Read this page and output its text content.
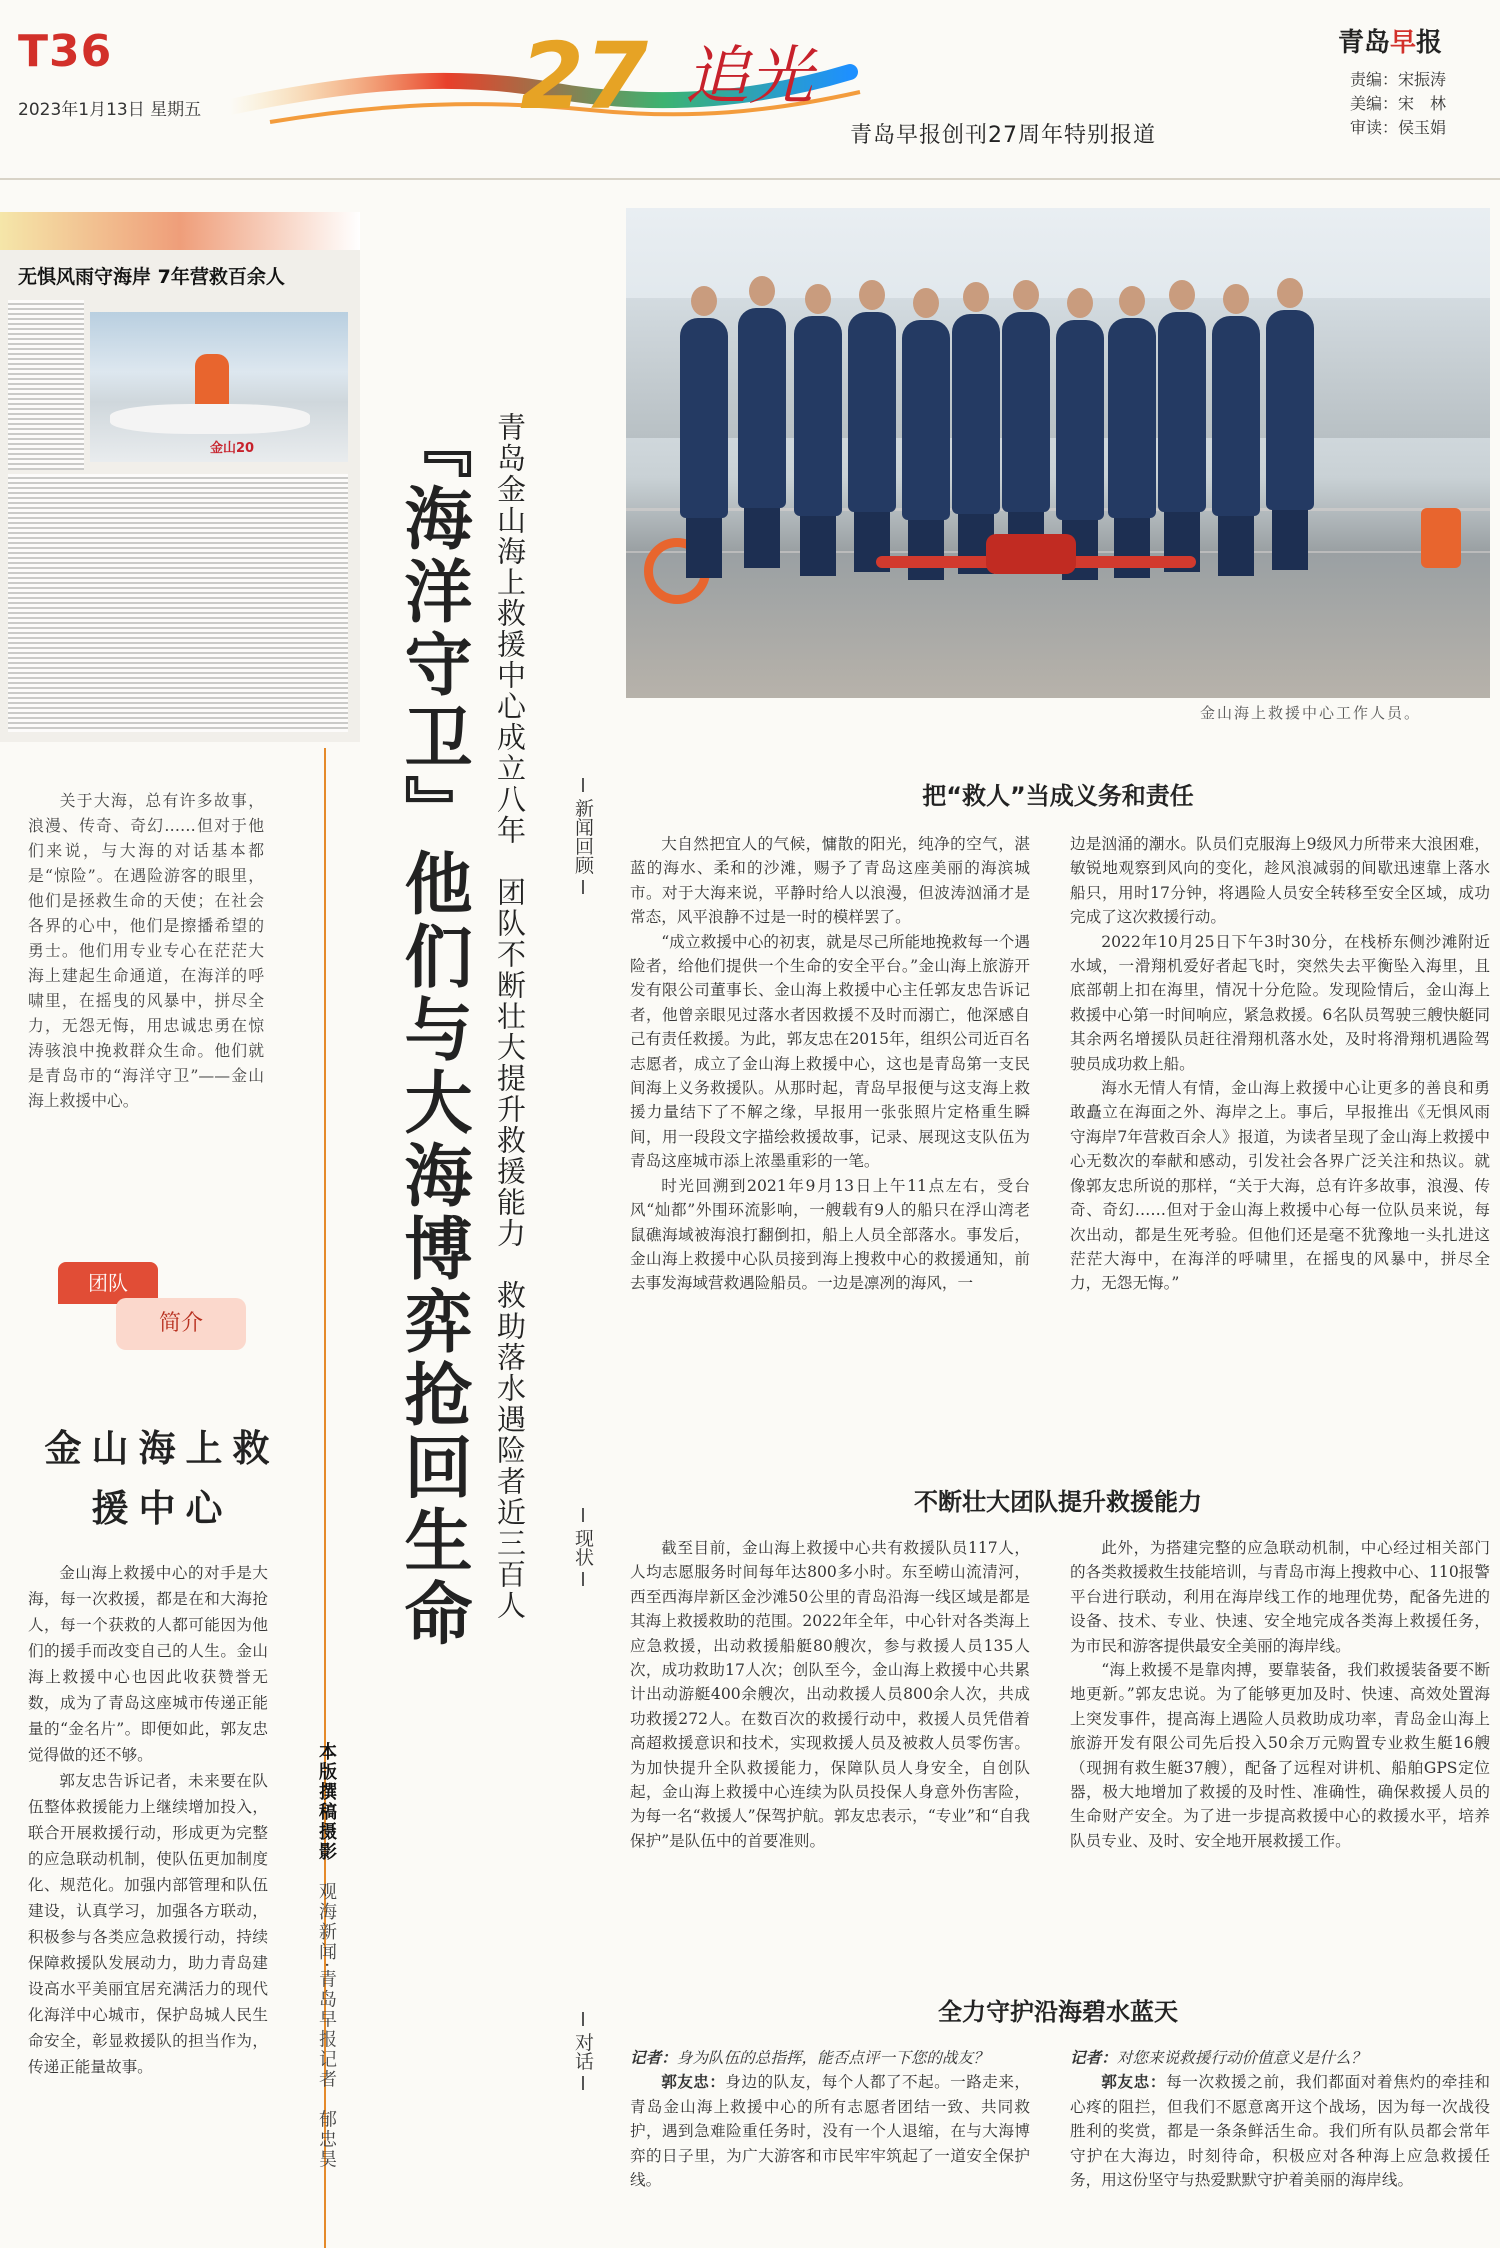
T36
2023年1月13日 星期五	27 追光
青岛早报创刊27周年特别报道
青岛早报
责编：宋振涛
美编：宋　林
审读：侯玉娟
无惧风雨守海岸 7年营救百余人
金山20
关于大海，总有许多故事，浪漫、传奇、奇幻……但对于他们来说，与大海的对话基本都是“惊险”。在遇险游客的眼里，他们是拯救生命的天使；在社会各界的心中，他们是擦播希望的勇士。他们用专业专心在茫茫大海上建起生命通道，在海洋的呼啸里，在摇曳的风暴中，拼尽全力，无怨无悔，用忠诚忠勇在惊涛骇浪中挽救群众生命。他们就是青岛市的“海洋守卫”——金山海上救援中心。
团队
简介
金山海上救援中心

金山海上救援中心的对手是大海，每一次救援，都是在和大海抢人，每一个获救的人都可能因为他们的援手而改变自己的人生。金山海上救援中心也因此收获赞誉无数，成为了青岛这座城市传递正能量的“金名片”。即便如此，郭友忠觉得做的还不够。

郭友忠告诉记者，未来要在队伍整体救援能力上继续增加投入，联合开展救援行动，形成更为完整的应急联动机制，使队伍更加制度化、规范化。加强内部管理和队伍建设，认真学习，加强各方联动，积极参与各类应急救援行动，持续保障救援队发展动力，助力青岛建设高水平美丽宜居充满活力的现代化海洋中心城市，保护岛城人民生命安全，彰显救援队的担当作为，传递正能量故事。

『海洋守卫』他们与大海博弈抢回生命 青岛金山海上救援中心成立八年　团队不断壮大提升救援能力　救助落水遇险者近三百人
本版撰稿摄影　观海新闻·青岛早报记者　郁忠昊
金山海上救援中心工作人员。
新闻回顾
把“救人”当成义务和责任

大自然把宜人的气候，慵散的阳光，纯净的空气，湛蓝的海水、柔和的沙滩，赐予了青岛这座美丽的海滨城市。对于大海来说，平静时给人以浪漫，但波涛汹涌才是常态，风平浪静不过是一时的模样罢了。

“成立救援中心的初衷，就是尽己所能地挽救每一个遇险者，给他们提供一个生命的安全平台。”金山海上旅游开发有限公司董事长、金山海上救援中心主任郭友忠告诉记者，他曾亲眼见过落水者因救援不及时而溺亡，他深感自己有责任救援。为此，郭友忠在2015年，组织公司近百名志愿者，成立了金山海上救援中心，这也是青岛第一支民间海上义务救援队。从那时起，青岛早报便与这支海上救援力量结下了不解之缘，早报用一张张照片定格重生瞬间，用一段段文字描绘救援故事，记录、展现这支队伍为青岛这座城市添上浓墨重彩的一笔。

时光回溯到2021年9月13日上午11点左右，受台风“灿都”外围环流影响，一艘载有9人的船只在浮山湾老鼠礁海域被海浪打翻倒扣，船上人员全部落水。事发后，金山海上救援中心队员接到海上搜救中心的救援通知，前去事发海域营救遇险船员。一边是凛冽的海风，一

边是汹涌的潮水。队员们克服海上9级风力所带来大浪困难，敏锐地观察到风向的变化，趁风浪减弱的间歇迅速靠上落水船只，用时17分钟，将遇险人员安全转移至安全区域，成功完成了这次救援行动。

2022年10月25日下午3时30分，在栈桥东侧沙滩附近水域，一滑翔机爱好者起飞时，突然失去平衡坠入海里，且底部朝上扣在海里，情况十分危险。发现险情后，金山海上救援中心第一时间响应，紧急救援。6名队员驾驶三艘快艇同其余两名增援队员赶往滑翔机落水处，及时将滑翔机遇险驾驶员成功救上船。

海水无情人有情，金山海上救援中心让更多的善良和勇敢矗立在海面之外、海岸之上。事后，早报推出《无惧风雨守海岸7年营救百余人》报道，为读者呈现了金山海上救援中心无数次的奉献和感动，引发社会各界广泛关注和热议。就像郭友忠所说的那样，“关于大海，总有许多故事，浪漫、传奇、奇幻……但对于金山海上救援中心每一位队员来说，每次出动，都是生死考验。但他们还是毫不犹豫地一头扎进这茫茫大海中，在海洋的呼啸里，在摇曳的风暴中，拼尽全力，无怨无悔。”

现状
不断壮大团队提升救援能力

截至目前，金山海上救援中心共有救援队员117人，人均志愿服务时间每年达800多小时。东至崂山流清河，西至西海岸新区金沙滩50公里的青岛沿海一线区域是都是其海上救援救助的范围。2022年全年，中心针对各类海上应急救援，出动救援船艇80艘次，参与救援人员135人次，成功救助17人次；创队至今，金山海上救援中心共累计出动游艇400余艘次，出动救援人员800余人次，共成功救援272人。在数百次的救援行动中，救援人员凭借着高超救援意识和技术，实现救援人员及被救人员零伤害。为加快提升全队救援能力，保障队员人身安全，自创队起，金山海上救援中心连续为队员投保人身意外伤害险，为每一名“救援人”保驾护航。郭友忠表示，“专业”和“自我保护”是队伍中的首要准则。

此外，为搭建完整的应急联动机制，中心经过相关部门的各类救援救生技能培训，与青岛市海上搜救中心、110报警平台进行联动，利用在海岸线工作的地理优势，配备先进的设备、技术、专业、快速、安全地完成各类海上救援任务，为市民和游客提供最安全美丽的海岸线。

“海上救援不是靠肉搏，要靠装备，我们救援装备要不断地更新。”郭友忠说。为了能够更加及时、快速、高效处置海上突发事件，提高海上遇险人员救助成功率，青岛金山海上旅游开发有限公司先后投入50余万元购置专业救生艇16艘（现拥有救生艇37艘），配备了远程对讲机、船舶GPS定位器，极大地增加了救援的及时性、准确性，确保救援人员的生命财产安全。为了进一步提高救援中心的救援水平，培养队员专业、及时、安全地开展救援工作。

对话
全力守护沿海碧水蓝天

记者：身为队伍的总指挥，能否点评一下您的战友？

郭友忠：身边的队友，每个人都了不起。一路走来，青岛金山海上救援中心的所有志愿者团结一致、共同救护，遇到急难险重任务时，没有一个人退缩，在与大海博弈的日子里，为广大游客和市民牢牢筑起了一道安全保护线。

记者：对您来说救援行动价值意义是什么？

郭友忠：每一次救援之前，我们都面对着焦灼的牵挂和心疼的阻拦，但我们不愿意离开这个战场，因为每一次战役胜利的奖赏，都是一条条鲜活生命。我们所有队员都会常年守护在大海边，时刻待命，积极应对各种海上应急救援任务，用这份坚守与热爱默默守护着美丽的海岸线。
